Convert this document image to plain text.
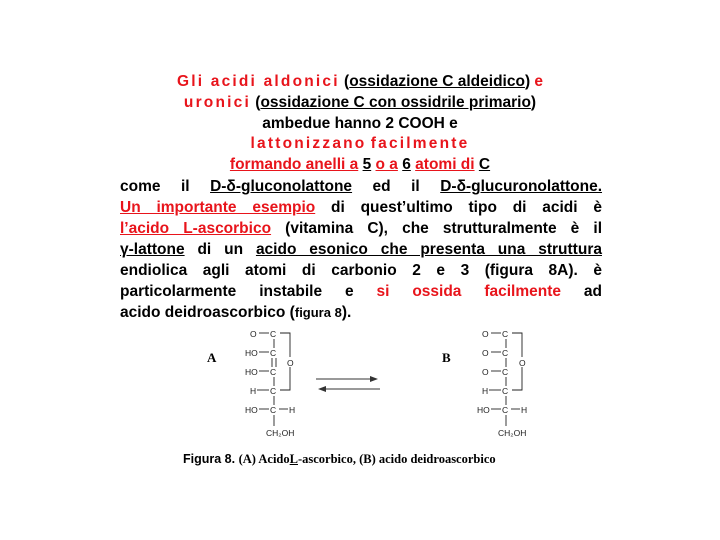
Gli acidi aldonici (ossidazione C aldeidico) e
uronici (ossidazione C con ossidrile primario)
ambedue hanno 2 COOH e
lattonizzano facilmente
formando anelli a 5 o a 6 atomi di C
come il D-δ-gluconolattone ed il D-δ-glucuronolattone.
Un importante esempio di quest’ultimo tipo di acidi è
l’acido L-ascorbico (vitamina C), che strutturalmente è il
γ-lattone di un acido esonico che presenta una struttura
endiolica agli atomi di carbonio 2 e 3 (figura 8A). è
particolarmente instabile e si ossida facilmente ad
acido deidroascorbico (figura 8).
A	B
O C
HO C
HO C
H C
HO C H
CH₂OH
O
O C
O C
O C
H C
HO C H
CH₂OH
O
Figura 8. (A) AcidoL-ascorbico, (B) acido deidroascorbico
